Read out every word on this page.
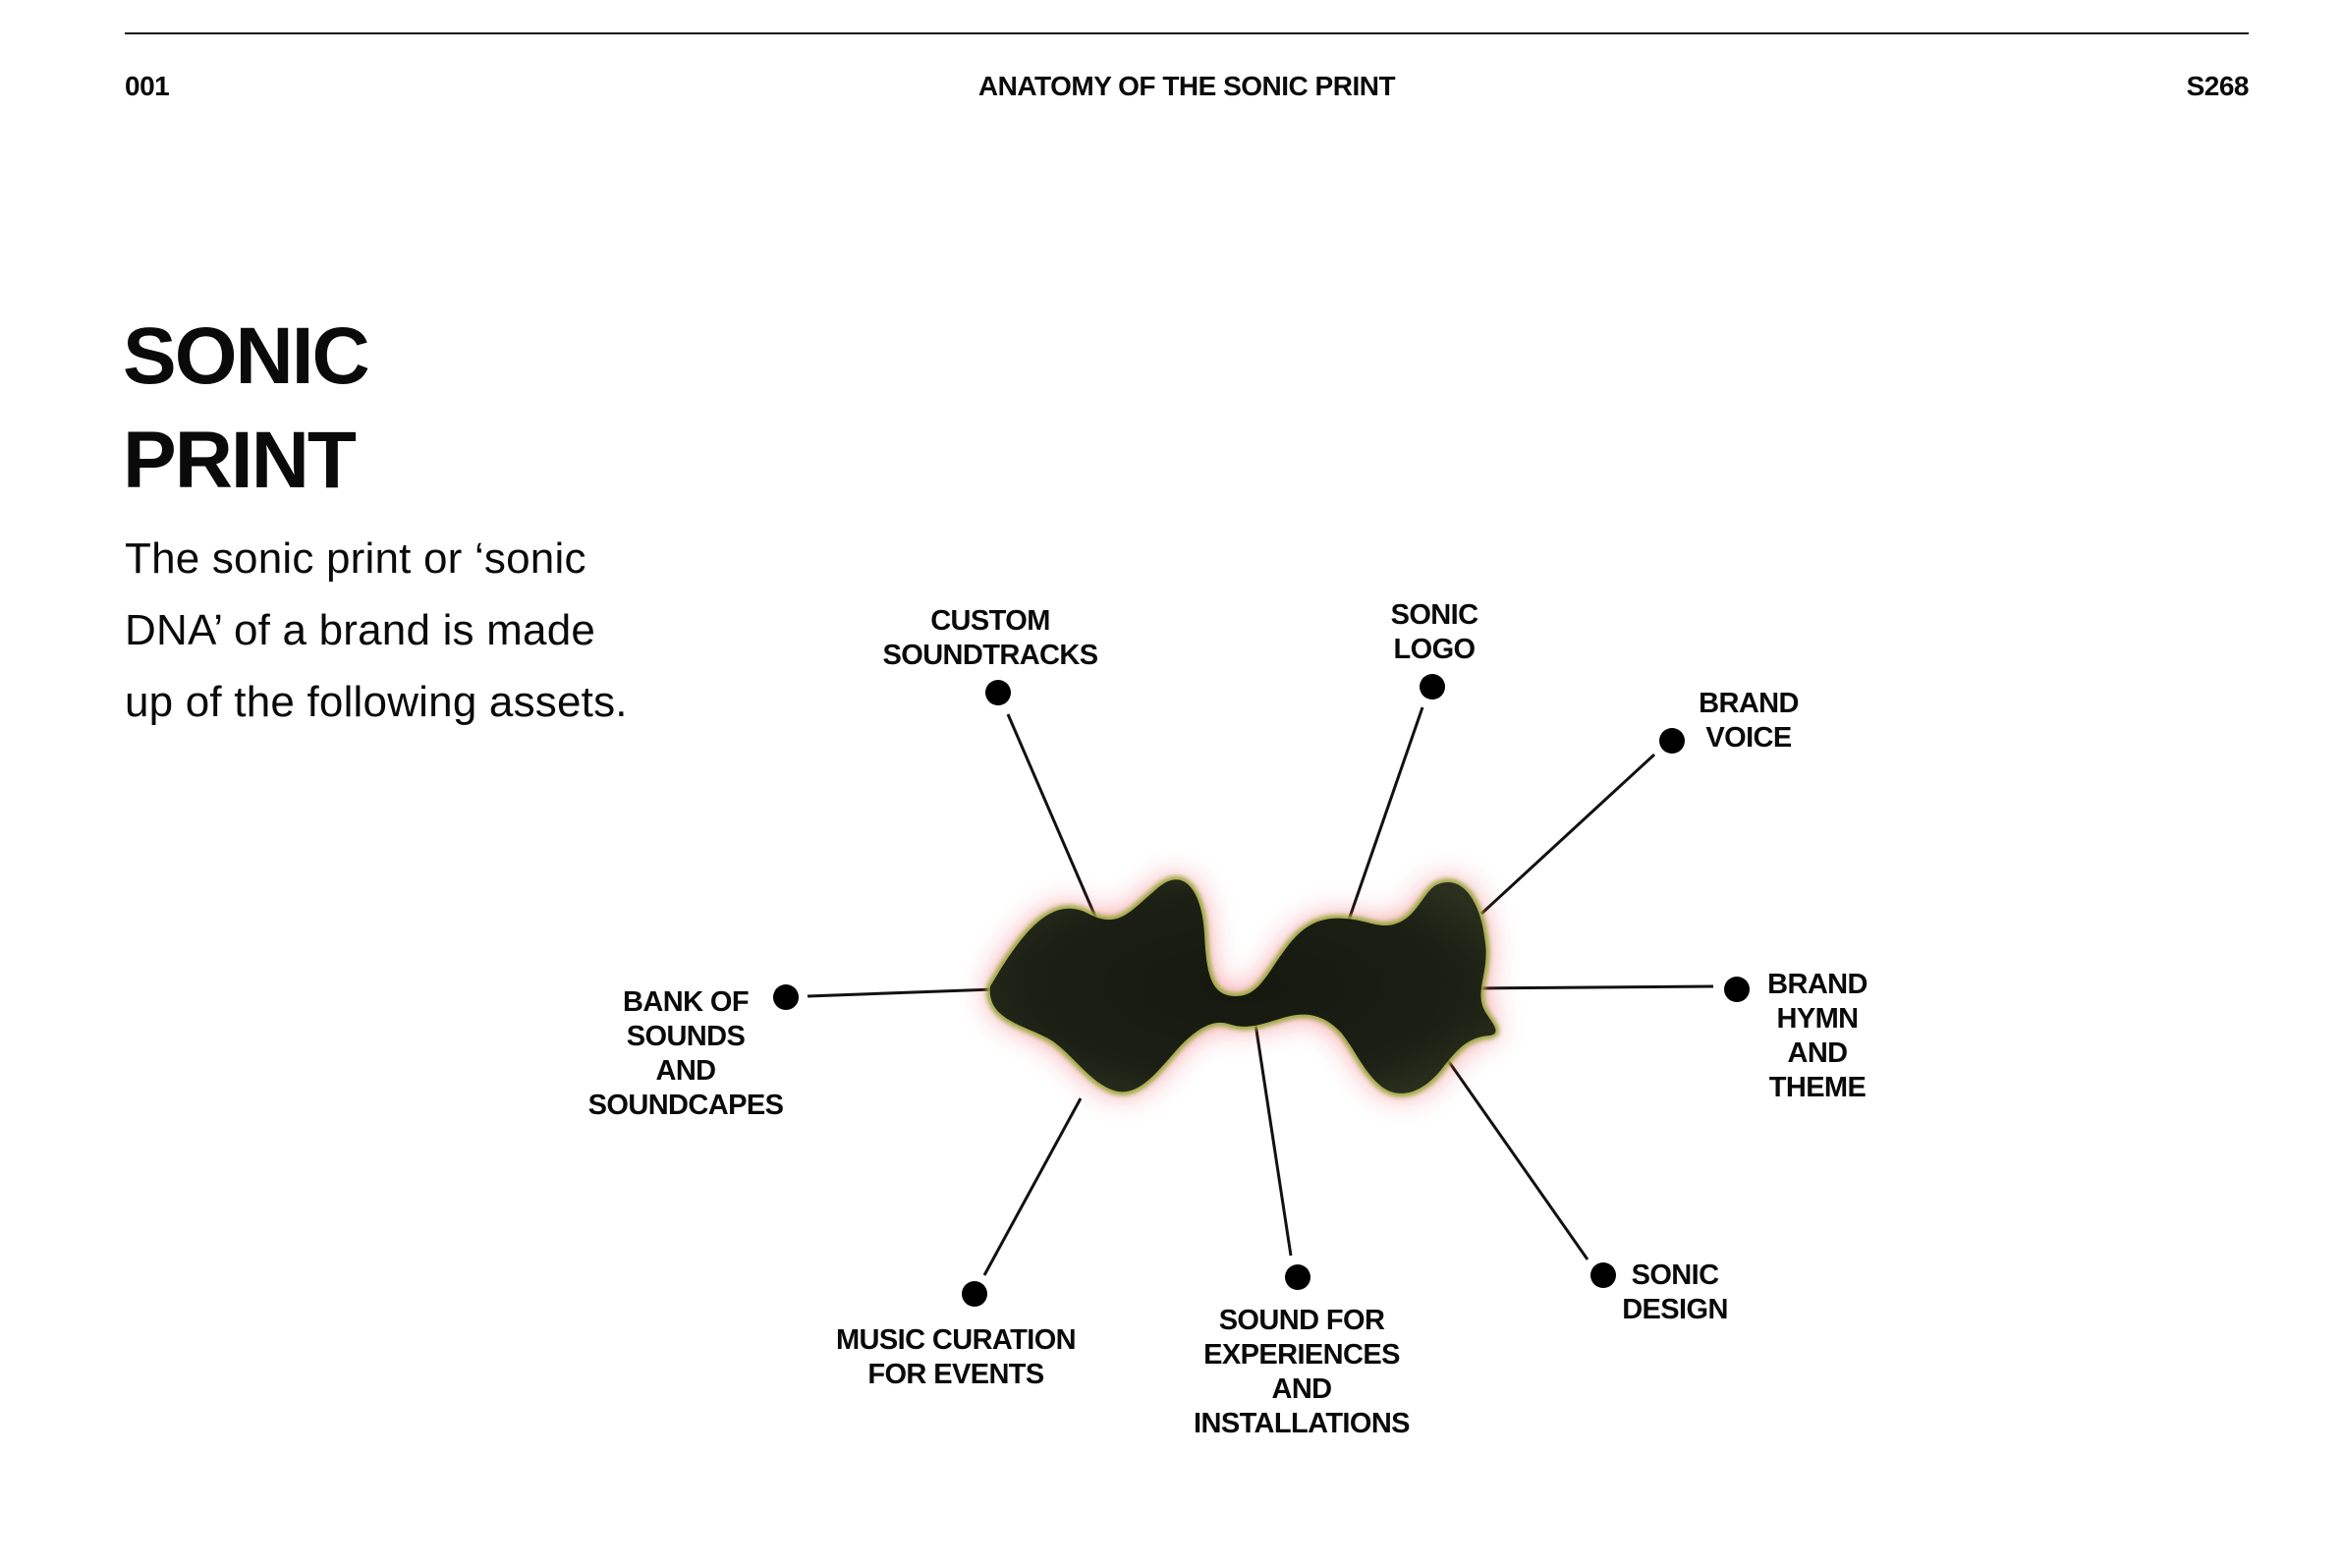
001	ANATOMY OF THE SONIC PRINT	S268
SONIC
PRINT

The sonic print or ‘sonic DNA’ of a brand is made up of the following assets.

CUSTOM
SOUNDTRACKS
SONIC
LOGO
BRAND
VOICE
BANK OF
SOUNDS
AND
SOUNDCAPES
BRAND
HYMN
AND
THEME
MUSIC CURATION
FOR EVENTS
SOUND FOR
EXPERIENCES
AND
INSTALLATIONS
SONIC
DESIGN
